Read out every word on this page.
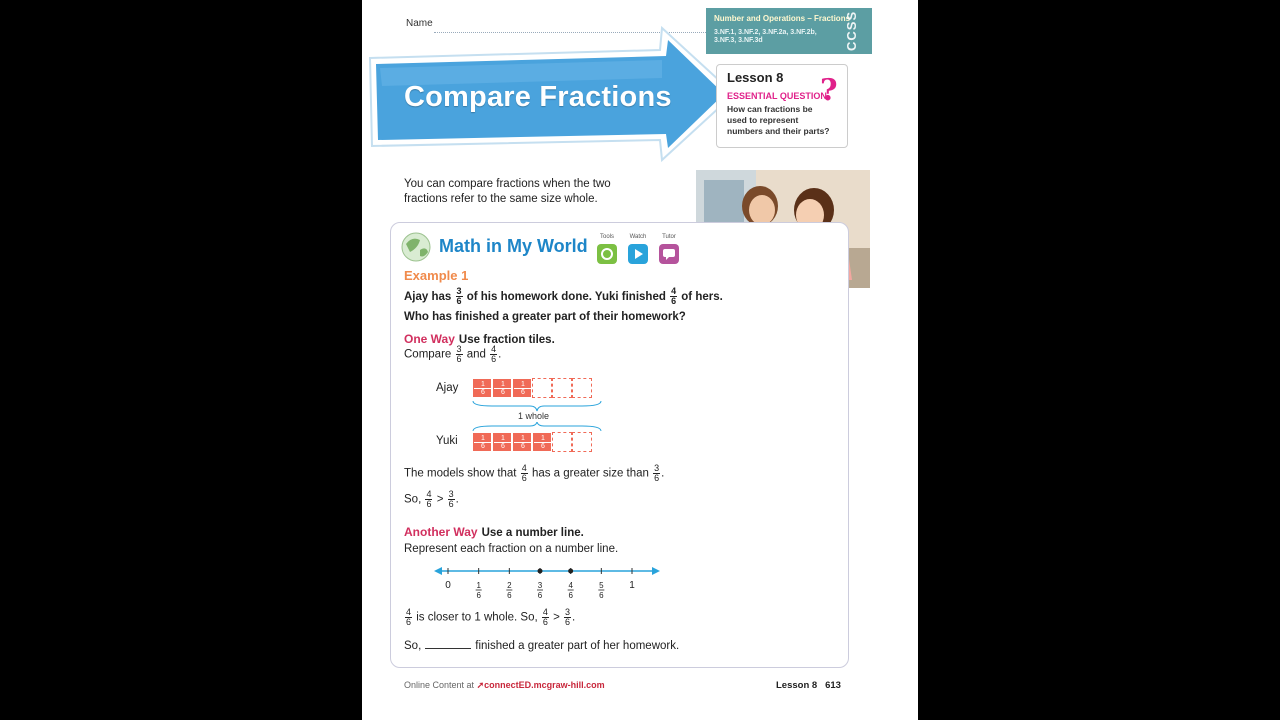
Name	Number and Operations – Fractions
3.NF.1, 3.NF.2, 3.NF.2a, 3.NF.2b, 3.NF.3, 3.NF.3d	CCSS
Compare Fractions
Lesson 8 ?
ESSENTIAL QUESTION
How can fractions be used to represent numbers and their parts?
You can compare fractions when the two fractions refer to the same size whole.
Math in My World	Tools	Watch	Tutor
Example 1
Ajay has $\frac{3}{6}$ of his homework done. Yuki finished $\frac{4}{6}$ of hers.
Who has finished a greater part of their homework?
One Way Use fraction tiles.
Compare $\frac{3}{6}$ and $\frac{4}{6}$ .
Ajay $\frac{1}{6} \frac{1}{6} \frac{1}{6}$
1 whole
Yuki $\frac{1}{6} \frac{1}{6} \frac{1}{6} \frac{1}{6}$
The models show that $\frac{4}{6}$ has a greater size than $\frac{3}{6}$ .
So, $\frac{4}{6} > \frac{3}{6}$ .
Another Way Use a number line.
Represent each fraction on a number line.
0	1
6
2
6
3
6
4
6
5
6
1
$\frac{4}{6}$ is closer to 1 whole. So, $\frac{4}{6} > \frac{3}{6}$ .
So,	finished a greater part of her homework.
Online Content at ➚connectED.mcgraw-hill.com	Lesson 8 613
